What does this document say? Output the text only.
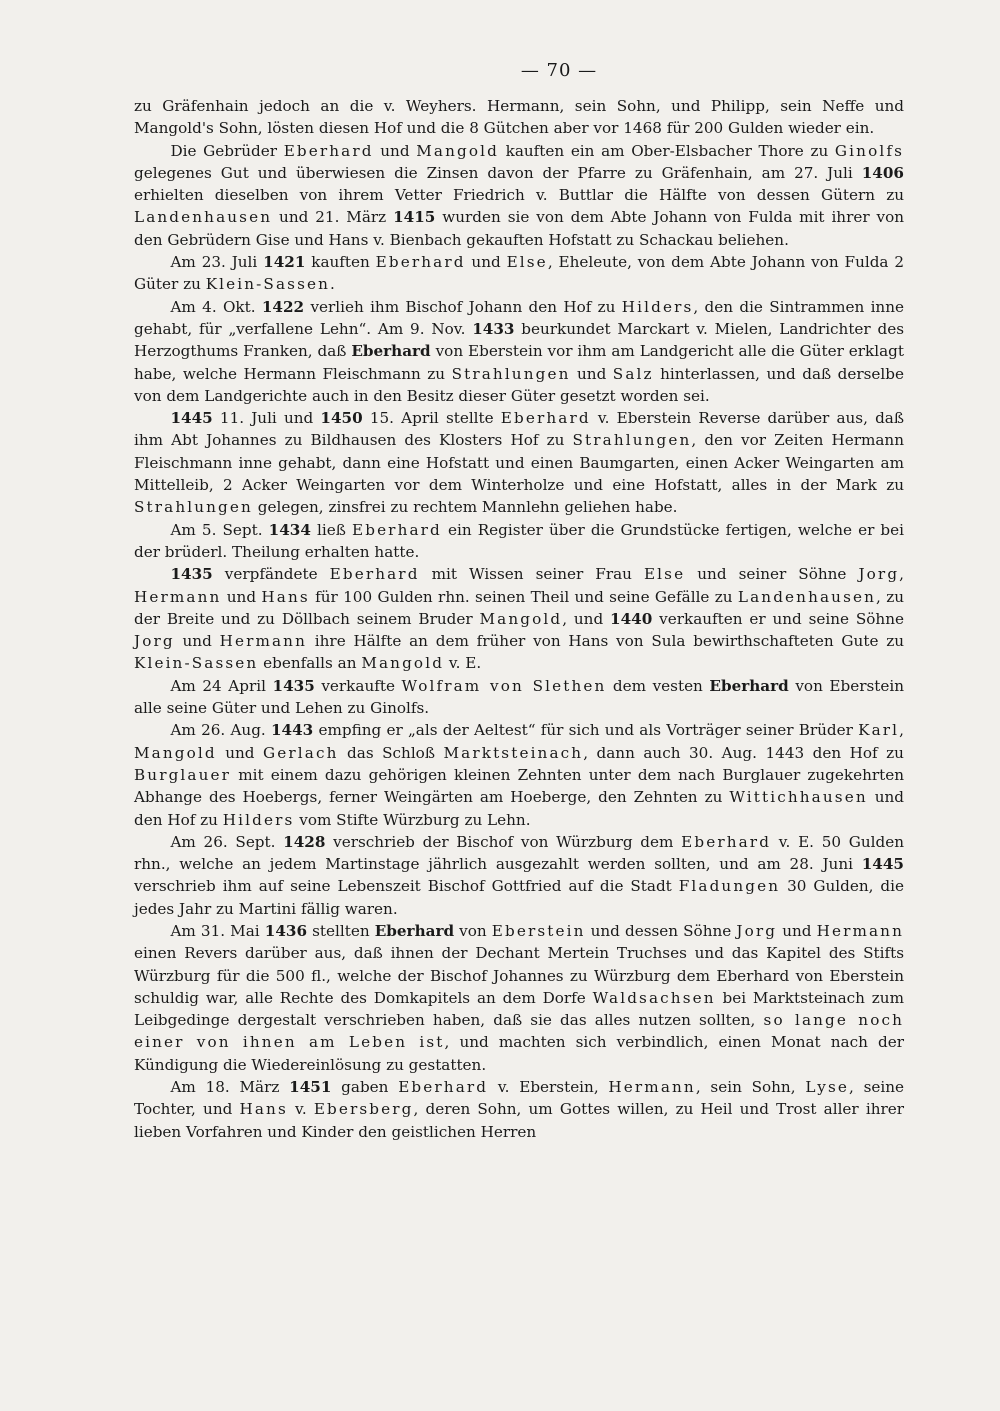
— 70 —

zu Gräfenhain jedoch an die v. Weyhers. Hermann, sein Sohn, und Philipp, sein Neffe und Mangold's Sohn, lösten diesen Hof und die 8 Gütchen aber vor 1468 für 200 Gulden wieder ein.

Die Gebrüder Eberhard und Mangold kauften ein am Ober-Elsbacher Thore zu Ginolfs gelegenes Gut und überwiesen die Zinsen davon der Pfarre zu Gräfenhain, am 27. Juli 1406 erhielten dieselben von ihrem Vetter Friedrich v. Buttlar die Hälfte von dessen Gütern zu Landenhausen und 21. März 1415 wurden sie von dem Abte Johann von Fulda mit ihrer von den Gebrüdern Gise und Hans v. Bienbach gekauften Hofstatt zu Schackau beliehen.

Am 23. Juli 1421 kauften Eberhard und Else, Eheleute, von dem Abte Johann von Fulda 2 Güter zu Klein-Sassen.

Am 4. Okt. 1422 verlieh ihm Bischof Johann den Hof zu Hilders, den die Sintrammen inne gehabt, für „verfallene Lehn“. Am 9. Nov. 1433 beurkundet Marckart v. Mielen, Landrichter des Herzogthums Franken, daß Eberhard von Eberstein vor ihm am Landgericht alle die Güter erklagt habe, welche Hermann Fleischmann zu Strahlungen und Salz hinterlassen, und daß derselbe von dem Landgerichte auch in den Besitz dieser Güter gesetzt worden sei.

1445 11. Juli und 1450 15. April stellte Eberhard v. Eberstein Reverse darüber aus, daß ihm Abt Johannes zu Bildhausen des Klosters Hof zu Strahlungen, den vor Zeiten Hermann Fleischmann inne gehabt, dann eine Hofstatt und einen Baumgarten, einen Acker Weingarten am Mittelleib, 2 Acker Weingarten vor dem Winterholze und eine Hofstatt, alles in der Mark zu Strahlungen gelegen, zinsfrei zu rechtem Mannlehn geliehen habe.

Am 5. Sept. 1434 ließ Eberhard ein Register über die Grundstücke fertigen, welche er bei der brüderl. Theilung erhalten hatte.

1435 verpfändete Eberhard mit Wissen seiner Frau Else und seiner Söhne Jorg, Hermann und Hans für 100 Gulden rhn. seinen Theil und seine Gefälle zu Landenhausen, zu der Breite und zu Döllbach seinem Bruder Mangold, und 1440 verkauften er und seine Söhne Jorg und Hermann ihre Hälfte an dem früher von Hans von Sula bewirthschafteten Gute zu Klein-Sassen ebenfalls an Mangold v. E.

Am 24 April 1435 verkaufte Wolfram von Slethen dem vesten Eberhard von Eberstein alle seine Güter und Lehen zu Ginolfs.

Am 26. Aug. 1443 empfing er „als der Aeltest“ für sich und als Vorträger seiner Brüder Karl, Mangold und Gerlach das Schloß Marktsteinach, dann auch 30. Aug. 1443 den Hof zu Burglauer mit einem dazu gehörigen kleinen Zehnten unter dem nach Burglauer zugekehrten Abhange des Hoebergs, ferner Weingärten am Hoeberge, den Zehnten zu Wittichhausen und den Hof zu Hilders vom Stifte Würzburg zu Lehn.

Am 26. Sept. 1428 verschrieb der Bischof von Würzburg dem Eberhard v. E. 50 Gulden rhn., welche an jedem Martinstage jährlich ausgezahlt werden sollten, und am 28. Juni 1445 verschrieb ihm auf seine Lebenszeit Bischof Gottfried auf die Stadt Fladungen 30 Gulden, die jedes Jahr zu Martini fällig waren.

Am 31. Mai 1436 stellten Eberhard von Eberstein und dessen Söhne Jorg und Hermann einen Revers darüber aus, daß ihnen der Dechant Mertein Truchses und das Kapitel des Stifts Würzburg für die 500 fl., welche der Bischof Johannes zu Würzburg dem Eberhard von Eberstein schuldig war, alle Rechte des Domkapitels an dem Dorfe Waldsachsen bei Marktsteinach zum Leibgedinge dergestalt verschrieben haben, daß sie das alles nutzen sollten, so lange noch einer von ihnen am Leben ist, und machten sich verbindlich, einen Monat nach der Kündigung die Wiedereinlösung zu gestatten.

Am 18. März 1451 gaben Eberhard v. Eberstein, Hermann, sein Sohn, Lyse, seine Tochter, und Hans v. Ebersberg, deren Sohn, um Gottes willen, zu Heil und Trost aller ihrer lieben Vorfahren und Kinder den geistlichen Herren
